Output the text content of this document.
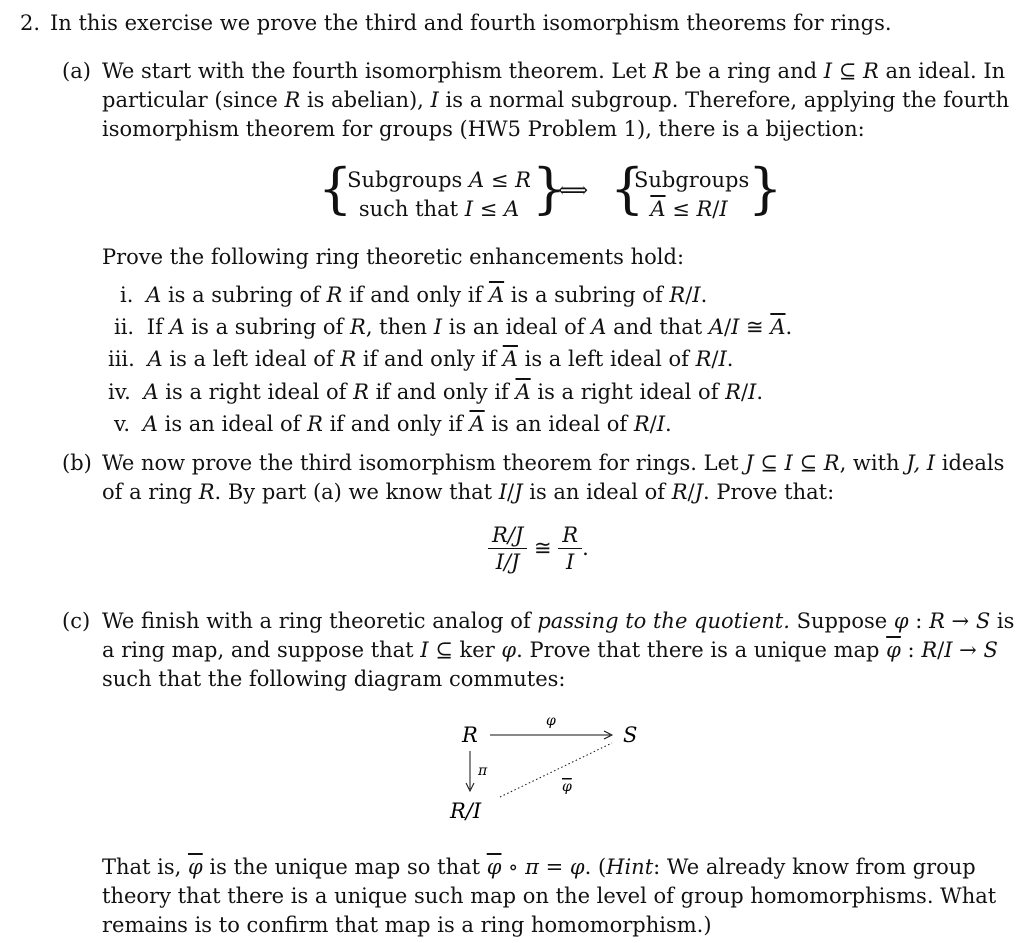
2. In this exercise we prove the third and fourth isomorphism theorems for rings.
(a) We start with the fourth isomorphism theorem. Let R be a ring and I ⊆ R an ideal. In
particular (since R is abelian), I is a normal subgroup. Therefore, applying the fourth
isomorphism theorem for groups (HW5 Problem 1), there is a bijection:
{
Subgroups A ≤ R
such that I ≤ A }
⟺ {
Subgroups
$\overline{A} \le R/I$ }
Prove the following ring theoretic enhancements hold:
i. A is a subring of R if and only if $\overline{A}$ is a subring of R/I.
ii. If A is a subring of R, then I is an ideal of A and that A/I ≅ $\overline{A}$.
iii. A is a left ideal of R if and only if $\overline{A}$ is a left ideal of R/I.
iv. A is a right ideal of R if and only if $\overline{A}$ is a right ideal of R/I.
v. A is an ideal of R if and only if $\overline{A}$ is an ideal of R/I.
(b) We now prove the third isomorphism theorem for rings. Let J ⊆ I ⊆ R, with J, I ideals
of a ring R. By part (a) we know that I/J is an ideal of R/J. Prove that:
$\frac{R/J}{I/J}$ ≅ $\frac{R}{I}$ .
(c) We finish with a ring theoretic analog of passing to the quotient. Suppose φ : R → S is
a ring map, and suppose that I ⊆ ker φ. Prove that there is a unique map $\overline{\varphi}$ : R/I → S
such that the following diagram commutes:
R	S
R/I
φ
π
φ
That is, $\overline{\varphi}$ is the unique map so that $\overline{\varphi}$ ∘ π = φ. (Hint: We already know from group
theory that there is a unique such map on the level of group homomorphisms. What
remains is to confirm that map is a ring homomorphism.)
